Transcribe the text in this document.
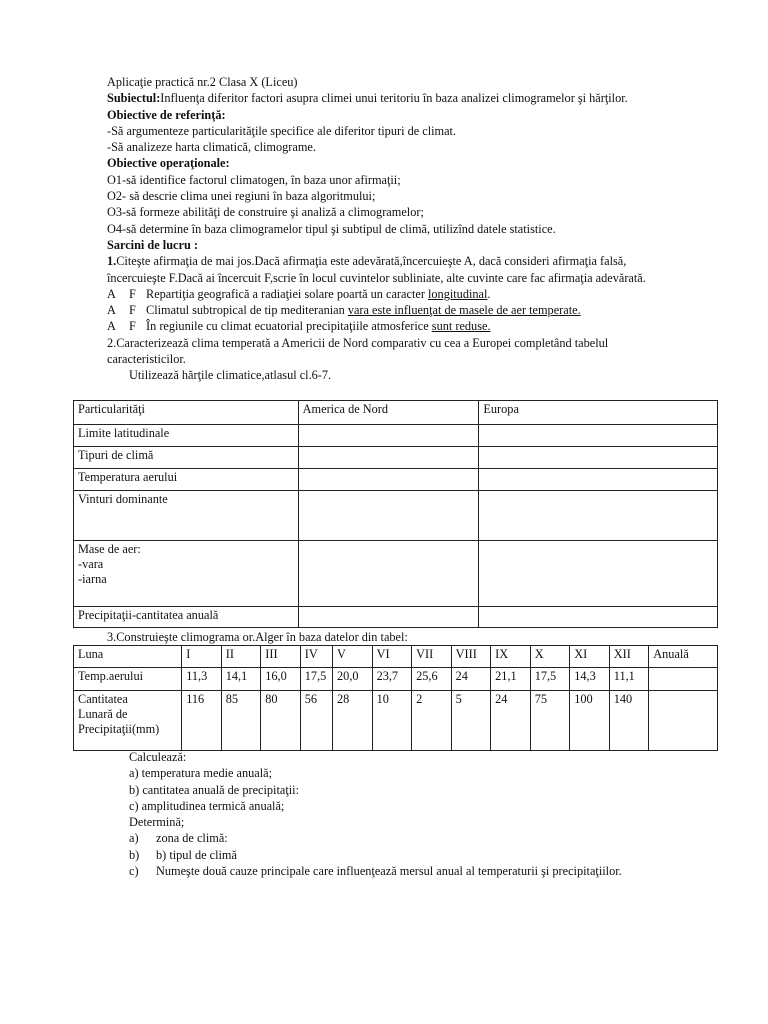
Aplicaţie practică nr.2 Clasa X (Liceu)
Subiectul:Influenţa diferitor factori asupra climei unui teritoriu în baza analizei climogramelor şi hărţilor.
Obiective de referinţă:
-Să argumenteze particularităţile specifice ale diferitor tipuri de climat.
-Să analizeze harta climatică, climograme.
Obiective operaţionale:
O1-să identifice factorul climatogen, în baza unor afirmaţii;
O2- să descrie clima unei regiuni în baza algoritmului;
O3-să formeze abilităţi de construire şi analiză a climogramelor;
O4-să determine în baza climogramelor tipul şi subtipul de climă, utilizînd datele statistice.
Sarcini de lucru :
1.Citeşte afirmaţia de mai jos.Dacă afirmaţia este adevărată,încercuieşte A, dacă consideri afirmaţia falsă,
încercuieşte F.Dacă ai încercuit F,scrie în locul cuvintelor subliniate, alte cuvinte care fac afirmaţia adevărată.
A F Repartiţia geografică a radiaţiei solare poartă un caracter longitudinal.
A F Climatul subtropical de tip mediteranian vara este influenţat de masele de aer temperate.
A F În regiunile cu climat ecuatorial precipitaţiile atmosferice sunt reduse.
2.Caracterizează clima temperată a Americii de Nord comparativ cu cea a Europei completând tabelul
caracteristicilor.
Utilizează hărţile climatice,atlasul cl.6-7.
Particularităţi	America de Nord	Europa
Limite latitudinale		
Tipuri de climă		
Temperatura aerului		
Vinturi dominante		

Mase de aer:
-vara
-iarna		

Precipitaţii-cantitatea anuală		
3.Construieşte climograma or.Alger în baza datelor din tabel:
Luna	I	II	III	IV	V	VI	VII	VIII	IX	X	XI	XII	Anuală
Temp.aerului	11,3	14,1	16,0	17,5	20,0	23,7	25,6	24	21,1	17,5	14,3	11,1	

Cantitatea
Lunară de
Precipitaţii(mm)	116	85	80	56	28	10	2	5	24	75	100	140	
Calculează:
a) temperatura medie anuală;
b) cantitatea anuală de precipitaţii:
c) amplitudinea termică anuală;
Determină;
a) zona de climă:
b) b) tipul de climă
c) Numeşte două cauze principale care influenţează mersul anual al temperaturii şi precipitaţiilor.
